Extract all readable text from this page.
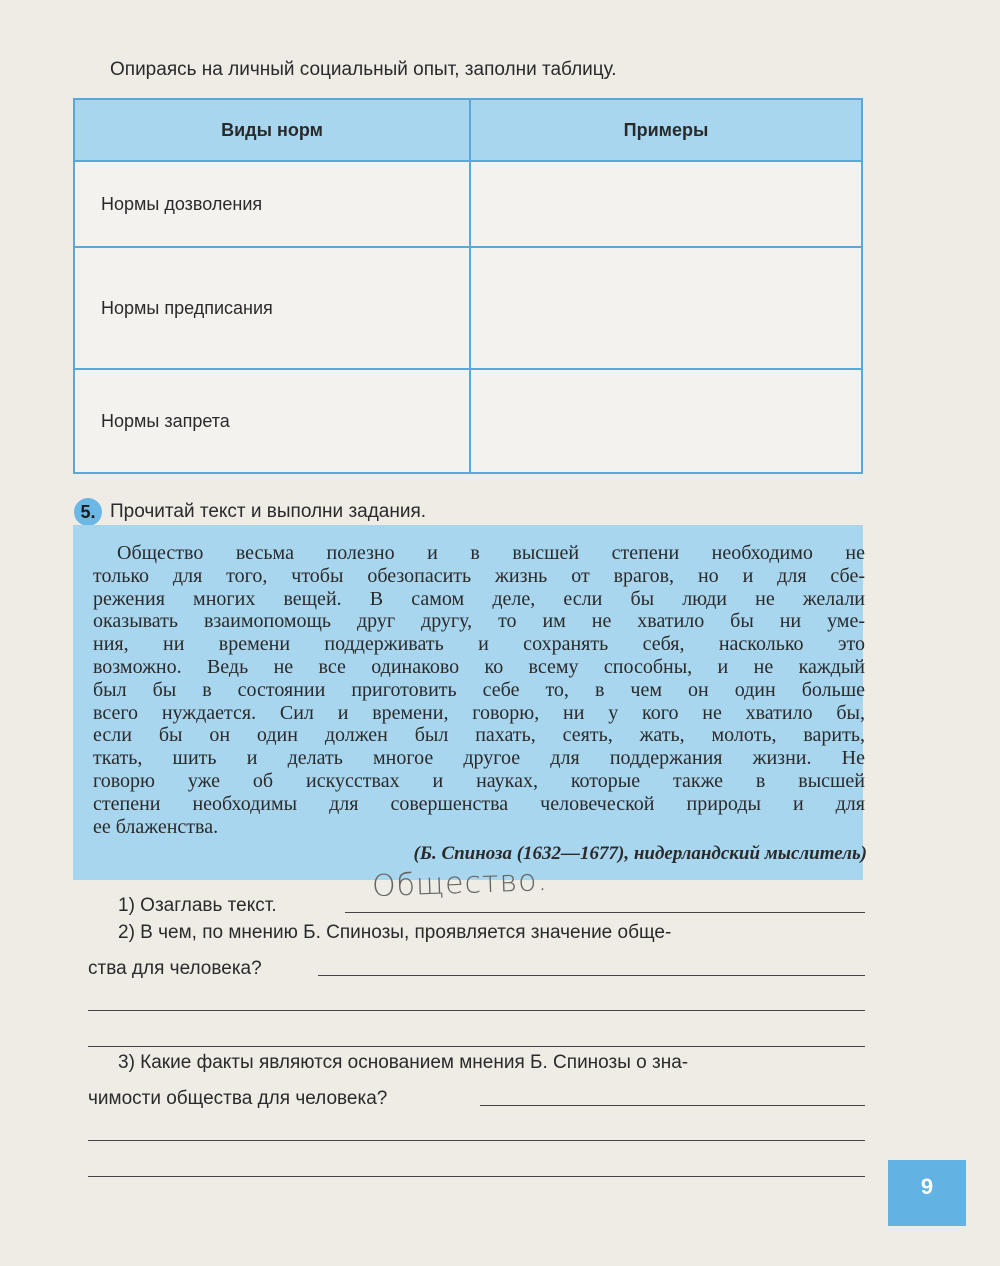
Опираясь на личный социальный опыт, заполни таблицу.
Виды норм	Примеры
Нормы дозволения	
Нормы предписания	
Нормы запрета	
5. Прочитай текст и выполни задания.
Общество весьма полезно и в высшей степени необходимо не
только для того, чтобы обезопасить жизнь от врагов, но и для сбе-
режения многих вещей. В самом деле, если бы люди не желали
оказывать взаимопомощь друг другу, то им не хватило бы ни уме-
ния, ни времени поддерживать и сохранять себя, насколько это
возможно. Ведь не все одинаково ко всему способны, и не каждый
был бы в состоянии приготовить себе то, в чем он один больше
всего нуждается. Сил и времени, говорю, ни у кого не хватило бы,
если бы он один должен был пахать, сеять, жать, молоть, варить,
ткать, шить и делать многое другое для поддержания жизни. Не
говорю уже об искусствах и науках, которые также в высшей
степени необходимы для совершенства человеческой природы и для
ее блаженства.
(Б. Спиноза (1632—1677), нидерландский мыслитель)
1) Озаглавь текст.
Общество.
2) В чем, по мнению Б. Спинозы, проявляется значение обще-
ства для человека?
3) Какие факты являются основанием мнения Б. Спинозы о зна-
чимости общества для человека?
9
